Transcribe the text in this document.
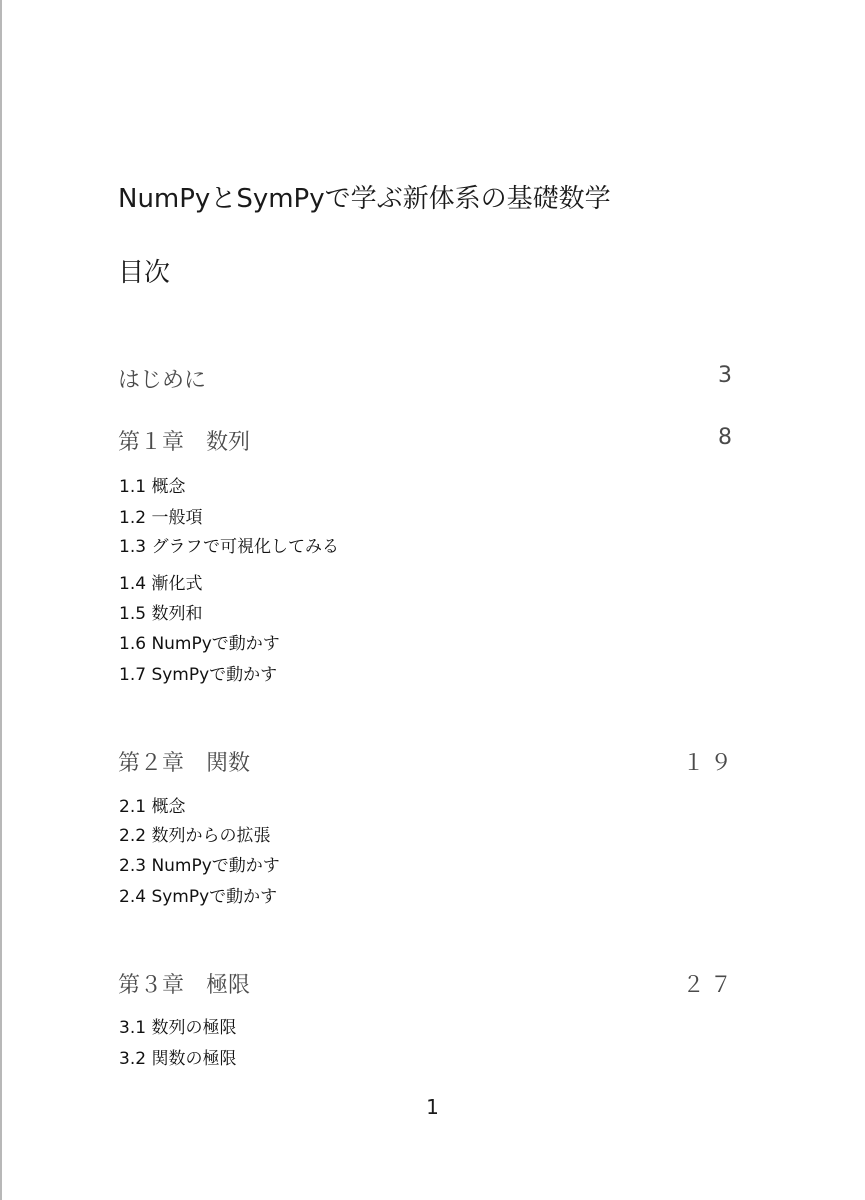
NumPyとSymPyで学ぶ新体系の基礎数学
目次
はじめに	3
第１章　数列	8
1.1 概念
1.2 一般項
1.3 グラフで可視化してみる
1.4 漸化式
1.5 数列和
1.6 NumPyで動かす
1.7 SymPyで動かす
第２章　関数	１９
2.1 概念
2.2 数列からの拡張
2.3 NumPyで動かす
2.4 SymPyで動かす
第３章　極限	２７
3.1 数列の極限
3.2 関数の極限
1
